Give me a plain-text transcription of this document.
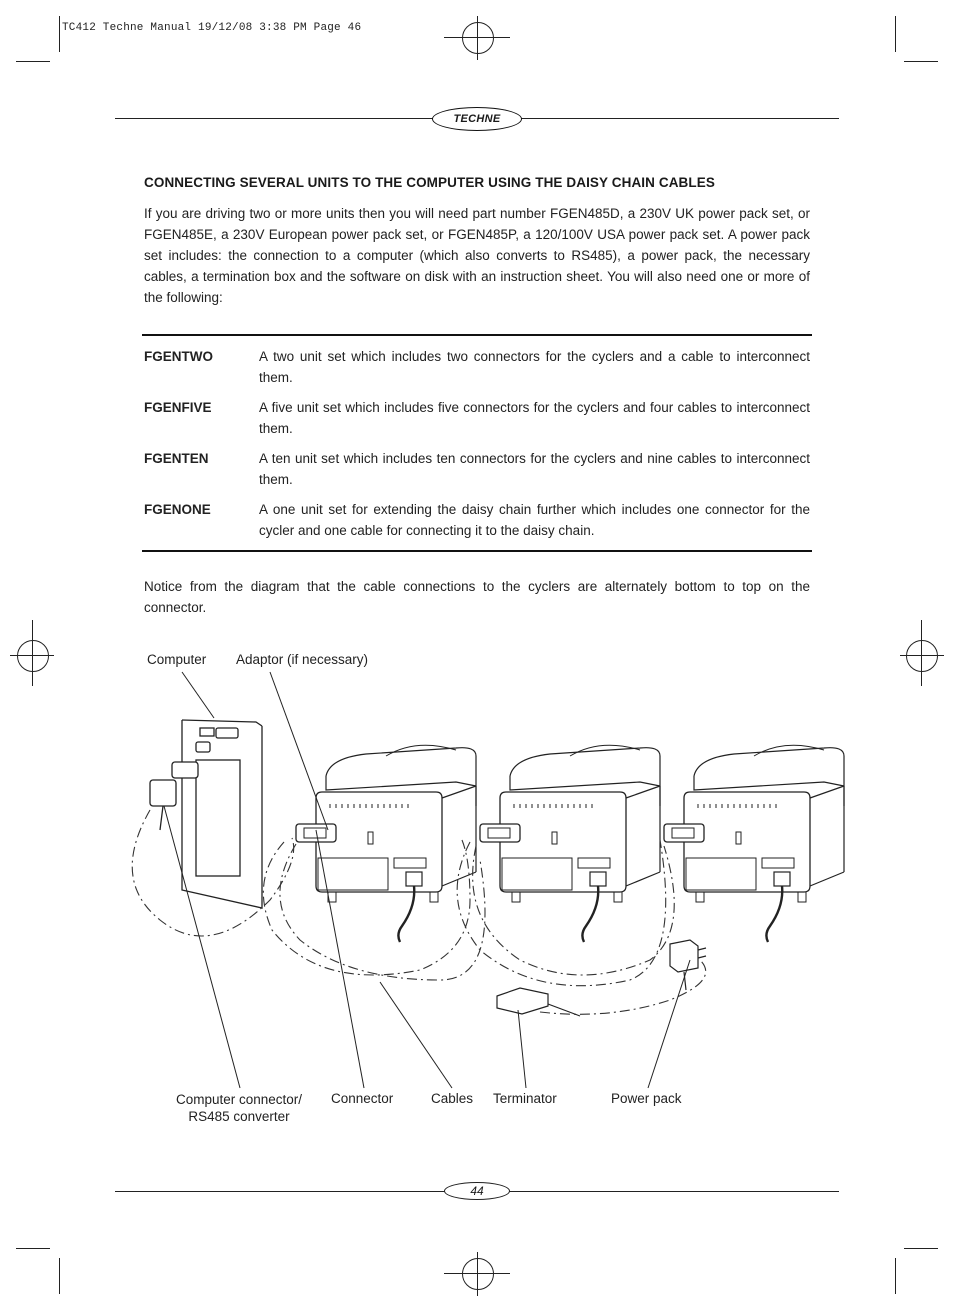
TC412 Techne Manual 19/12/08 3:38 PM Page 46
TECHNE
CONNECTING SEVERAL UNITS TO THE COMPUTER USING THE DAISY CHAIN CABLES
If you are driving two or more units then you will need part number FGEN485D, a 230V UK power pack set, or FGEN485E, a 230V European power pack set, or FGEN485P, a 120/100V USA power pack set. A power pack set includes: the connection to a computer (which also converts to RS485), a power pack, the necessary cables, a termination box and the software on disk with an instruction sheet. You will also need one or more of the following:
FGENTWO	A two unit set which includes two connectors for the cyclers and a cable to interconnect them.
FGENFIVE	A five unit set which includes five connectors for the cyclers and four cables to interconnect them.
FGENTEN	A ten unit set which includes ten connectors for the cyclers and nine cables to interconnect them.
FGENONE	A one unit set for extending the daisy chain further which includes one connector for the cycler and one cable for connecting it to the daisy chain.
Notice from the diagram that the cable connections to the cyclers are alternately bottom to top on the connector.
Computer Adaptor (if necessary)
Computer connector/
RS485 converter
Connector	Cables Terminator	Power pack
44
